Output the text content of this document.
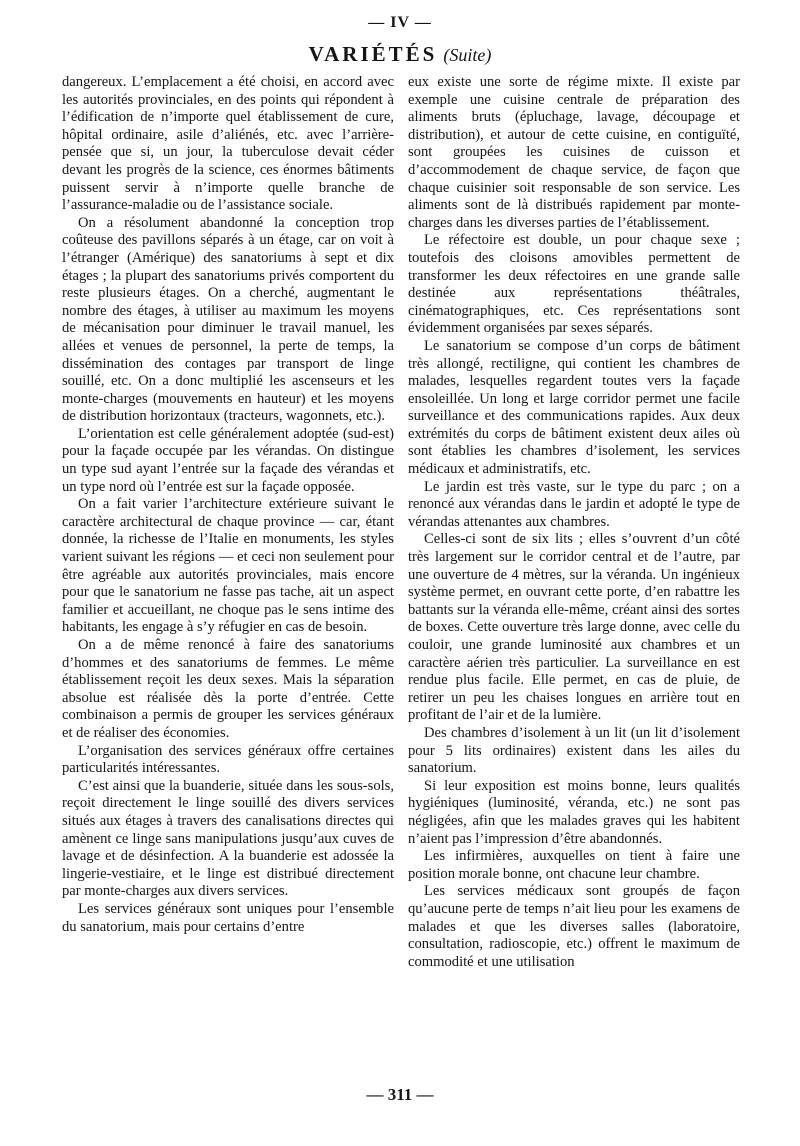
— IV —
VARIÉTÉS (Suite)

dangereux. L’emplacement a été choisi, en accord avec les autorités provinciales, en des points qui répondent à l’édification de n’importe quel établissement de cure, hôpital ordinaire, asile d’aliénés, etc. avec l’arrière-pensée que si, un jour, la tuberculose devait céder devant les progrès de la science, ces énormes bâtiments puissent servir à n’importe quelle branche de l’assurance-maladie ou de l’assistance sociale.

On a résolument abandonné la conception trop coûteuse des pavillons séparés à un étage, car on voit à l’étranger (Amérique) des sanatoriums à sept et dix étages ; la plupart des sanatoriums privés comportent du reste plusieurs étages. On a cherché, augmentant le nombre des étages, à utiliser au maximum les moyens de mécanisation pour diminuer le travail manuel, les allées et venues de personnel, la perte de temps, la dissémination des contages par transport de linge souillé, etc. On a donc multiplié les ascenseurs et les monte-charges (mouvements en hauteur) et les moyens de distribution horizontaux (tracteurs, wagonnets, etc.).

L’orientation est celle généralement adoptée (sud-est) pour la façade occupée par les vérandas. On distingue un type sud ayant l’entrée sur la façade des vérandas et un type nord où l’entrée est sur la façade opposée.

On a fait varier l’architecture extérieure suivant le caractère architectural de chaque province — car, étant donnée, la richesse de l’Italie en monuments, les styles varient suivant les régions — et ceci non seulement pour être agréable aux autorités provinciales, mais encore pour que le sanatorium ne fasse pas tache, ait un aspect familier et accueillant, ne choque pas le sens intime des habitants, les engage à s’y réfugier en cas de besoin.

On a de même renoncé à faire des sanatoriums d’hommes et des sanatoriums de femmes. Le même établissement reçoit les deux sexes. Mais la séparation absolue est réalisée dès la porte d’entrée. Cette combinaison a permis de grouper les services généraux et de réaliser des économies.

L’organisation des services généraux offre certaines particularités intéressantes.

C’est ainsi que la buanderie, située dans les sous-sols, reçoit directement le linge souillé des divers services situés aux étages à travers des canalisations directes qui amènent ce linge sans manipulations jusqu’aux cuves de lavage et de désinfection. A la buanderie est adossée la lingerie-vestiaire, et le linge est distribué directement par monte-charges aux divers services.

Les services généraux sont uniques pour l’ensemble du sanatorium, mais pour certains d’entre

eux existe une sorte de régime mixte. Il existe par exemple une cuisine centrale de préparation des aliments bruts (épluchage, lavage, découpage et distribution), et autour de cette cuisine, en contiguïté, sont groupées les cuisines de cuisson et d’accommodement de chaque service, de façon que chaque cuisinier soit responsable de son service. Les aliments sont de là distribués rapidement par monte-charges dans les diverses parties de l’établissement.

Le réfectoire est double, un pour chaque sexe ; toutefois des cloisons amovibles permettent de transformer les deux réfectoires en une grande salle destinée aux représentations théâtrales, cinématographiques, etc. Ces représentations sont évidemment organisées par sexes séparés.

Le sanatorium se compose d’un corps de bâtiment très allongé, rectiligne, qui contient les chambres de malades, lesquelles regardent toutes vers la façade ensoleillée. Un long et large corridor permet une facile surveillance et des communications rapides. Aux deux extrémités du corps de bâtiment existent deux ailes où sont établies les chambres d’isolement, les services médicaux et administratifs, etc.

Le jardin est très vaste, sur le type du parc ; on a renoncé aux vérandas dans le jardin et adopté le type de vérandas attenantes aux chambres.

Celles-ci sont de six lits ; elles s’ouvrent d’un côté très largement sur le corridor central et de l’autre, par une ouverture de 4 mètres, sur la véranda. Un ingénieux système permet, en ouvrant cette porte, d’en rabattre les battants sur la véranda elle-même, créant ainsi des sortes de boxes. Cette ouverture très large donne, avec celle du couloir, une grande luminosité aux chambres et un caractère aérien très particulier. La surveillance en est rendue plus facile. Elle permet, en cas de pluie, de retirer un peu les chaises longues en arrière tout en profitant de l’air et de la lumière.

Des chambres d’isolement à un lit (un lit d’isolement pour 5 lits ordinaires) existent dans les ailes du sanatorium.

Si leur exposition est moins bonne, leurs qualités hygiéniques (luminosité, véranda, etc.) ne sont pas négligées, afin que les malades graves qui les habitent n’aient pas l’impression d’être abandonnés.

Les infirmières, auxquelles on tient à faire une position morale bonne, ont chacune leur chambre.

Les services médicaux sont groupés de façon qu’aucune perte de temps n’ait lieu pour les examens de malades et que les diverses salles (laboratoire, consultation, radioscopie, etc.) offrent le maximum de commodité et une utilisation

— 311 —
